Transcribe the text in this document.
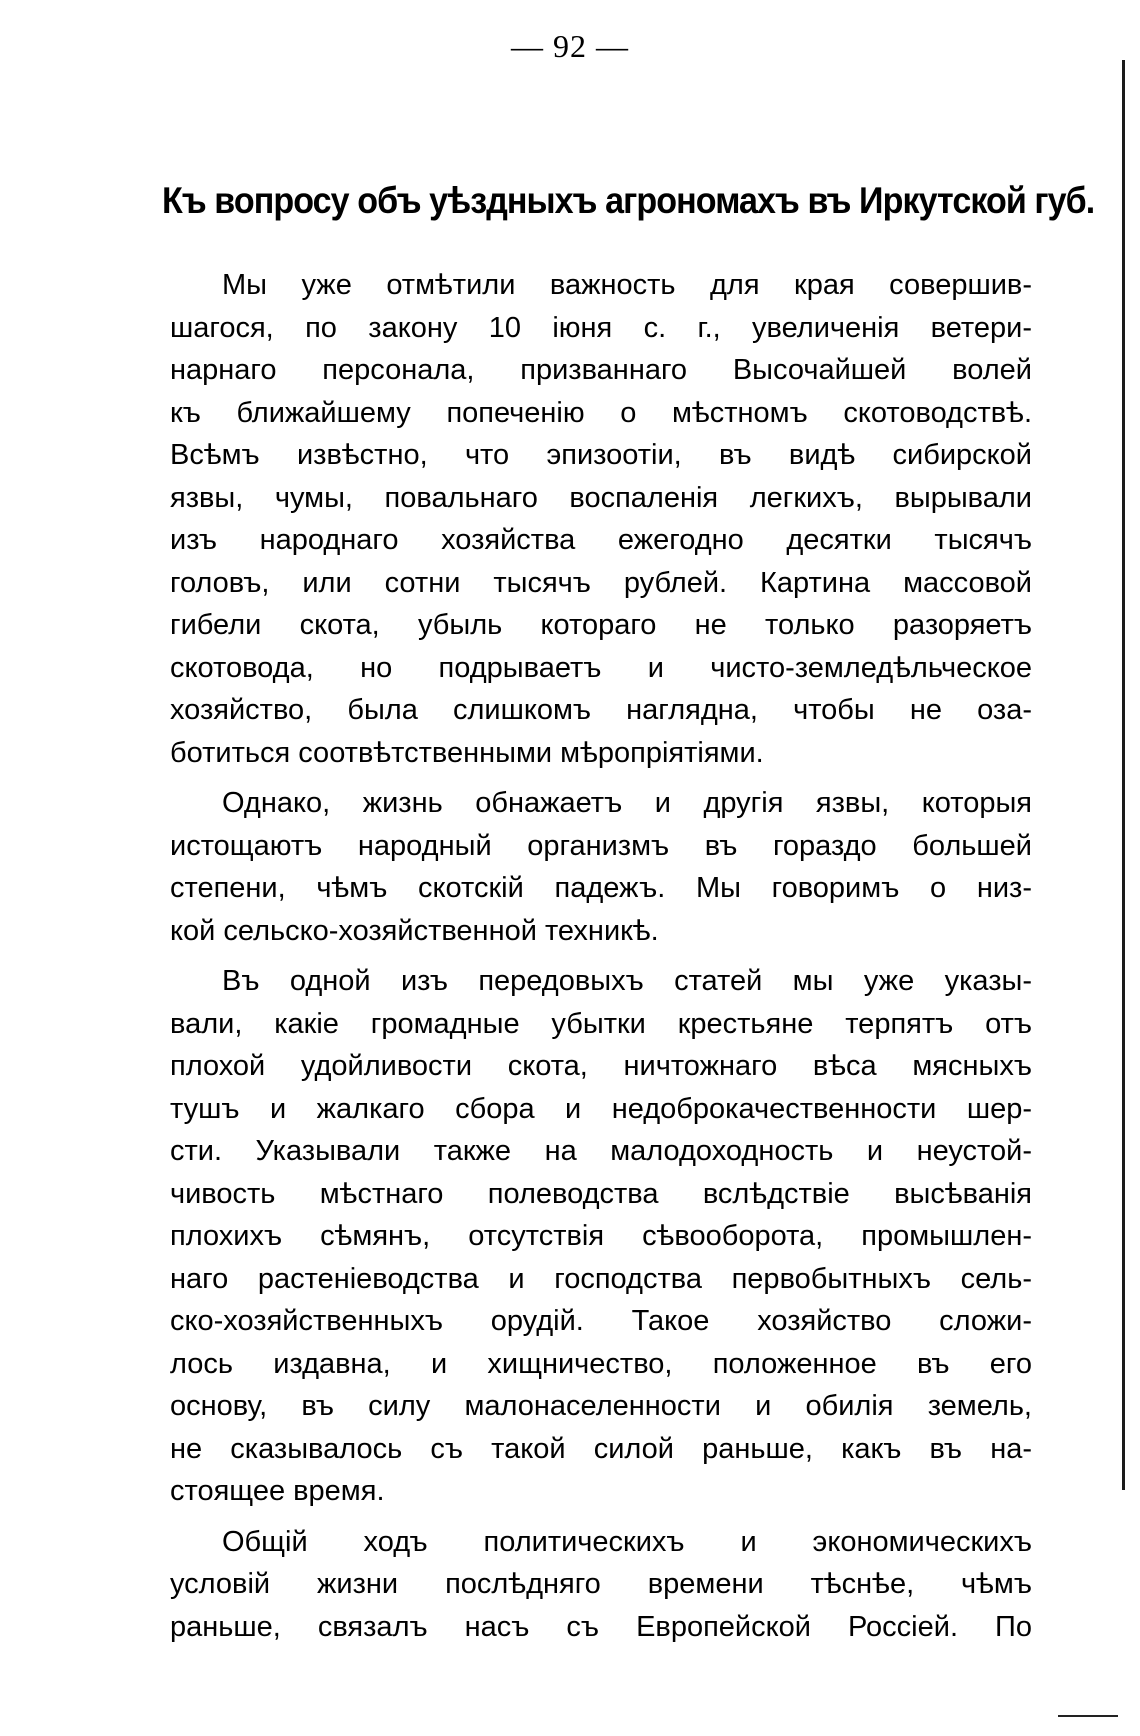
— 92 —
Къ вопросу объ уѣздныхъ агрономахъ въ Иркутской губ.
Мы уже отмѣтили важность для края совершив-
шагося, по закону 10 іюня с. г., увеличенія ветери-
нарнаго персонала, призваннаго Высочайшей волей
къ ближайшему попеченію о мѣстномъ скотоводствѣ.
Всѣмъ извѣстно, что эпизоотіи, въ видѣ сибирской
язвы, чумы, повальнаго воспаленія легкихъ, вырывали
изъ народнаго хозяйства ежегодно десятки тысячъ
головъ, или сотни тысячъ рублей. Картина массовой
гибели скота, убыль котораго не только разоряетъ
скотовода, но подрываетъ и чисто-земледѣльческое
хозяйство, была слишкомъ наглядна, чтобы не оза-
ботиться соотвѣтственными мѣропріятіями.
Однако, жизнь обнажаетъ и другія язвы, которыя
истощаютъ народный организмъ въ гораздо большей
степени, чѣмъ скотскій падежъ. Мы говоримъ о низ-
кой сельско-хозяйственной техникѣ.
Въ одной изъ передовыхъ статей мы уже указы-
вали, какіе громадные убытки крестьяне терпятъ отъ
плохой удойливости скота, ничтожнаго вѣса мясныхъ
тушъ и жалкаго сбора и недоброкачественности шер-
сти. Указывали также на малодоходность и неустой-
чивость мѣстнаго полеводства вслѣдствіе высѣванія
плохихъ сѣмянъ, отсутствія сѣвооборота, промышлен-
наго растеніеводства и господства первобытныхъ сель-
ско-хозяйственныхъ орудій. Такое хозяйство сложи-
лось издавна, и хищничество, положенное въ его
основу, въ силу малонаселенности и обилія земель,
не сказывалось съ такой силой раньше, какъ въ на-
стоящее время.
Общій ходъ политическихъ и экономическихъ
условій жизни послѣдняго времени тѣснѣе, чѣмъ
раньше, связалъ насъ съ Европейской Россіей. По
